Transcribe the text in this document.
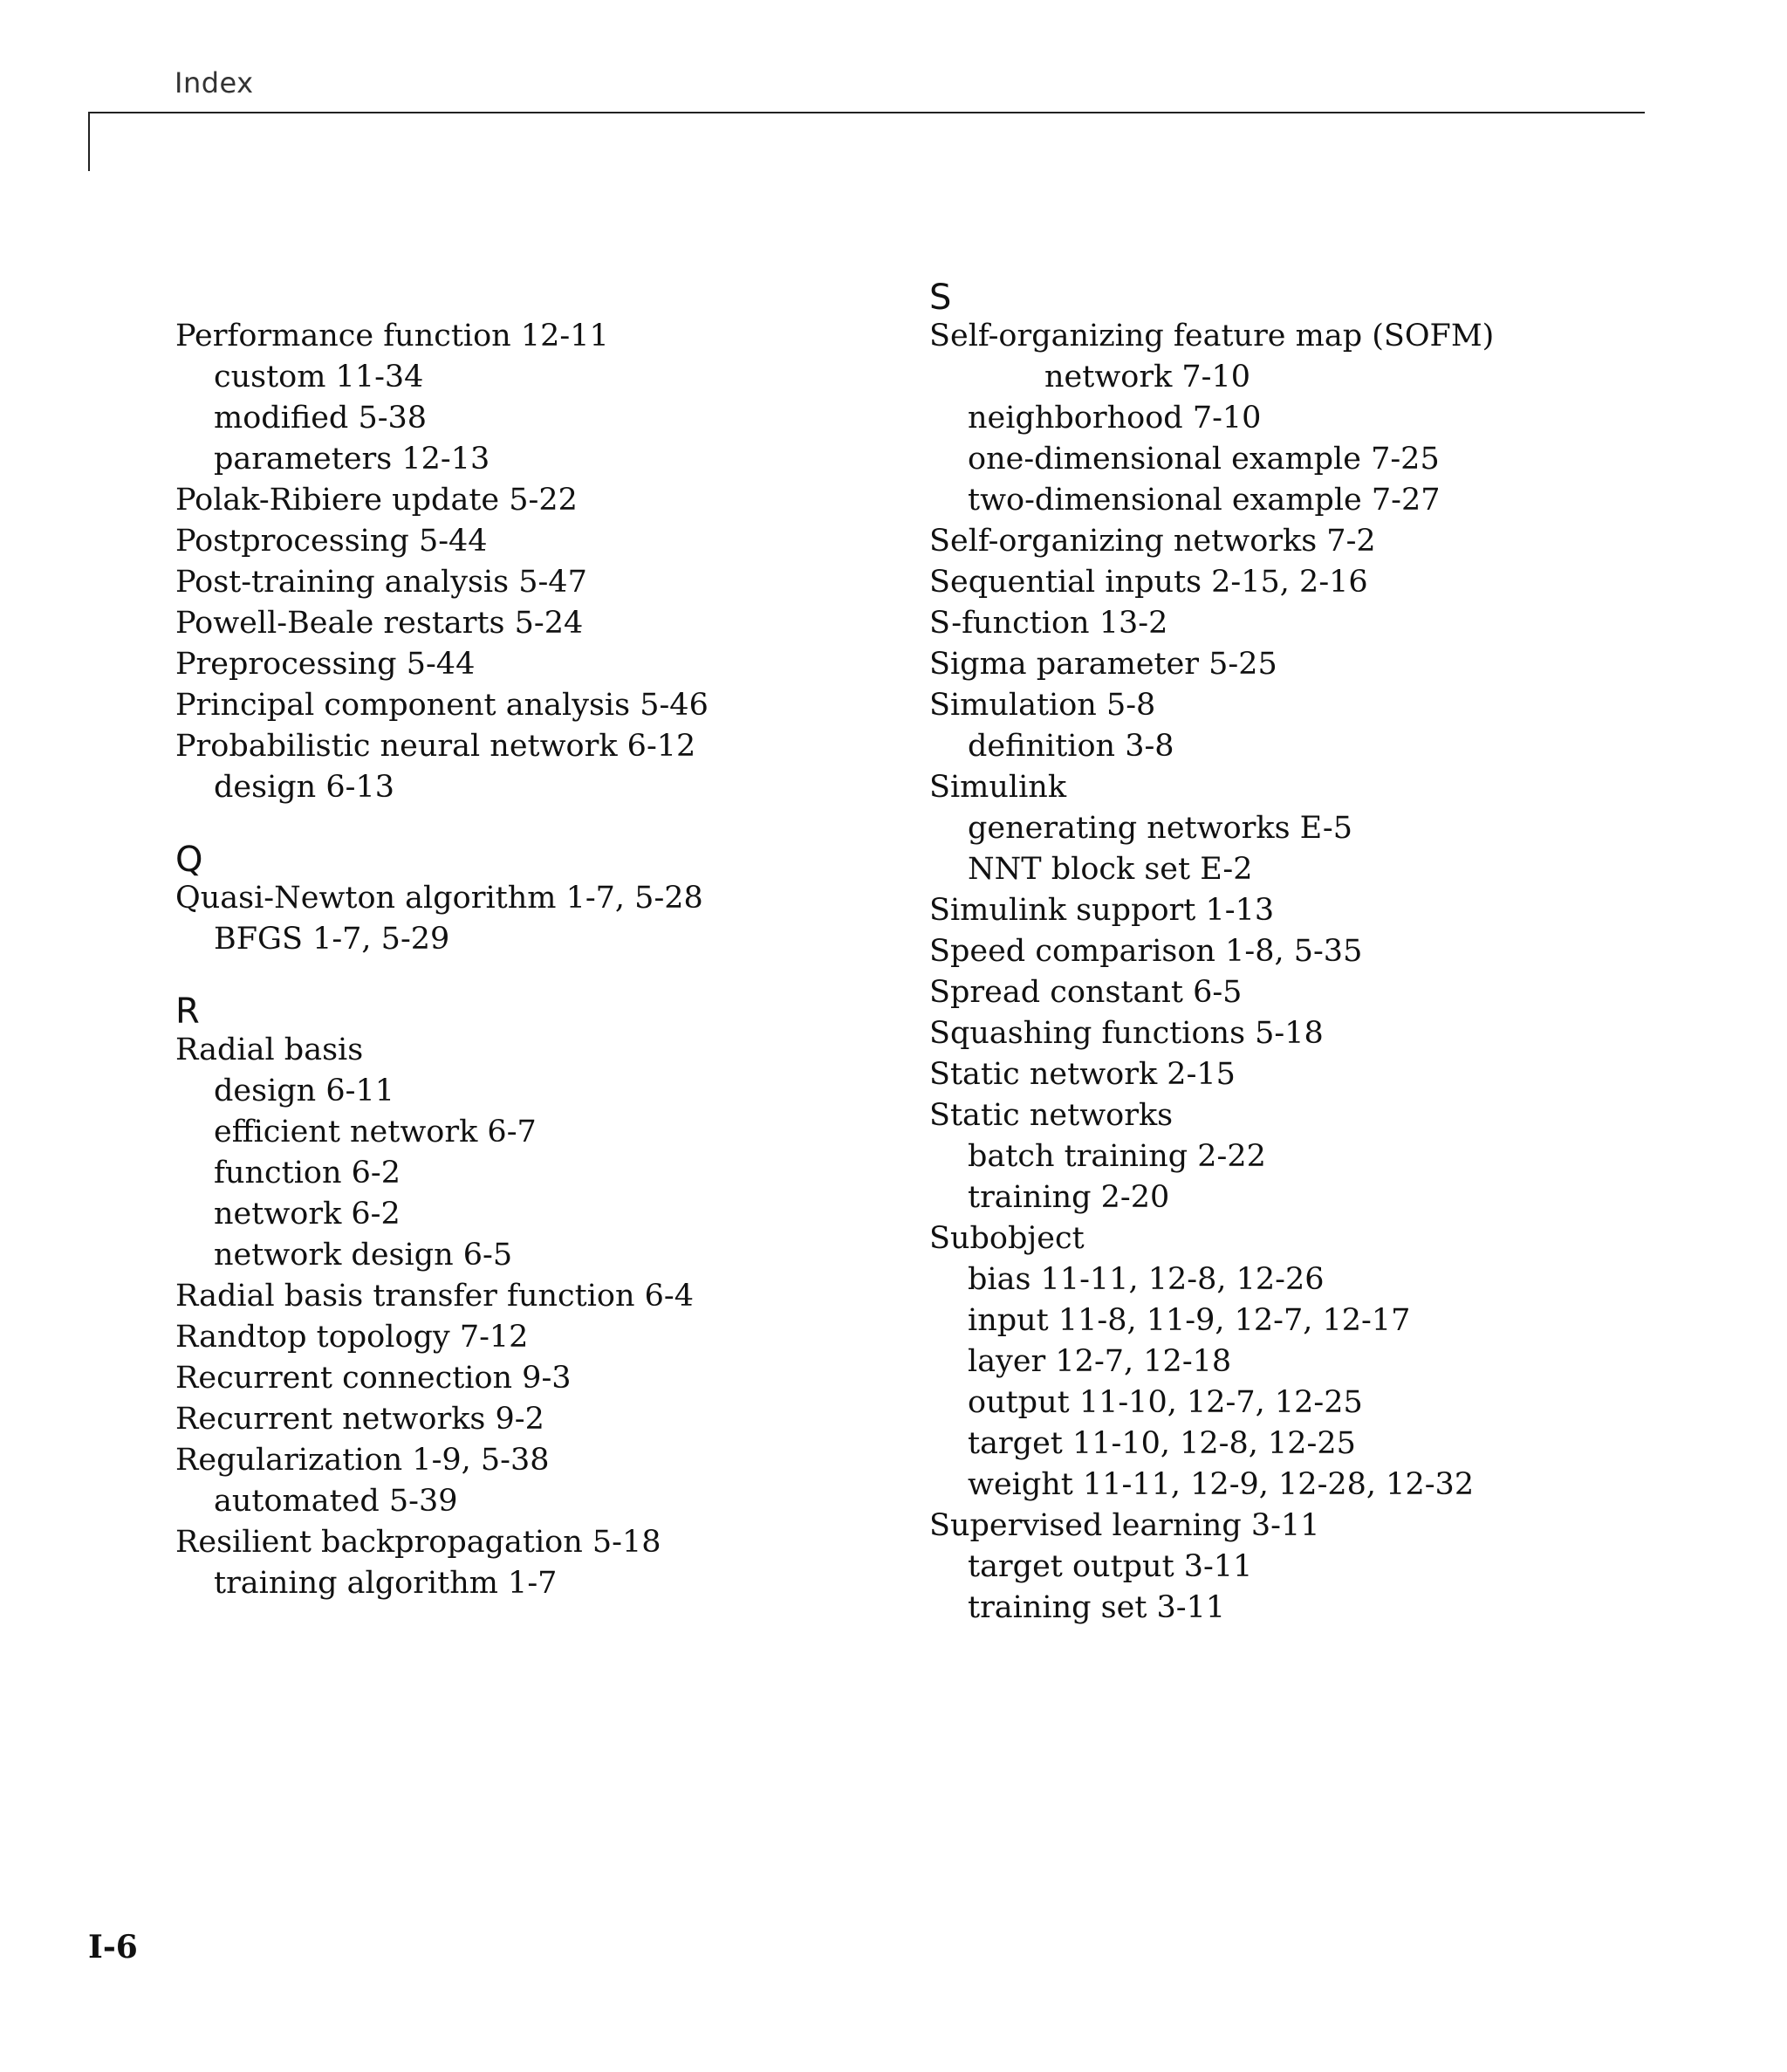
Index
Performance function 12-11
custom 11-34
modified 5-38
parameters 12-13
Polak-Ribiere update 5-22
Postprocessing 5-44
Post-training analysis 5-47
Powell-Beale restarts 5-24
Preprocessing 5-44
Principal component analysis 5-46
Probabilistic neural network 6-12
design 6-13
Q
Quasi-Newton algorithm 1-7, 5-28
BFGS 1-7, 5-29
R
Radial basis
design 6-11
efficient network 6-7
function 6-2
network 6-2
network design 6-5
Radial basis transfer function 6-4
Randtop topology 7-12
Recurrent connection 9-3
Recurrent networks 9-2
Regularization 1-9, 5-38
automated 5-39
Resilient backpropagation 5-18
training algorithm 1-7
S
Self-organizing feature map (SOFM)
network 7-10
neighborhood 7-10
one-dimensional example 7-25
two-dimensional example 7-27
Self-organizing networks 7-2
Sequential inputs 2-15, 2-16
S-function 13-2
Sigma parameter 5-25
Simulation 5-8
definition 3-8
Simulink
generating networks E-5
NNT block set E-2
Simulink support 1-13
Speed comparison 1-8, 5-35
Spread constant 6-5
Squashing functions 5-18
Static network 2-15
Static networks
batch training 2-22
training 2-20
Subobject
bias 11-11, 12-8, 12-26
input 11-8, 11-9, 12-7, 12-17
layer 12-7, 12-18
output 11-10, 12-7, 12-25
target 11-10, 12-8, 12-25
weight 11-11, 12-9, 12-28, 12-32
Supervised learning 3-11
target output 3-11
training set 3-11
I-6
